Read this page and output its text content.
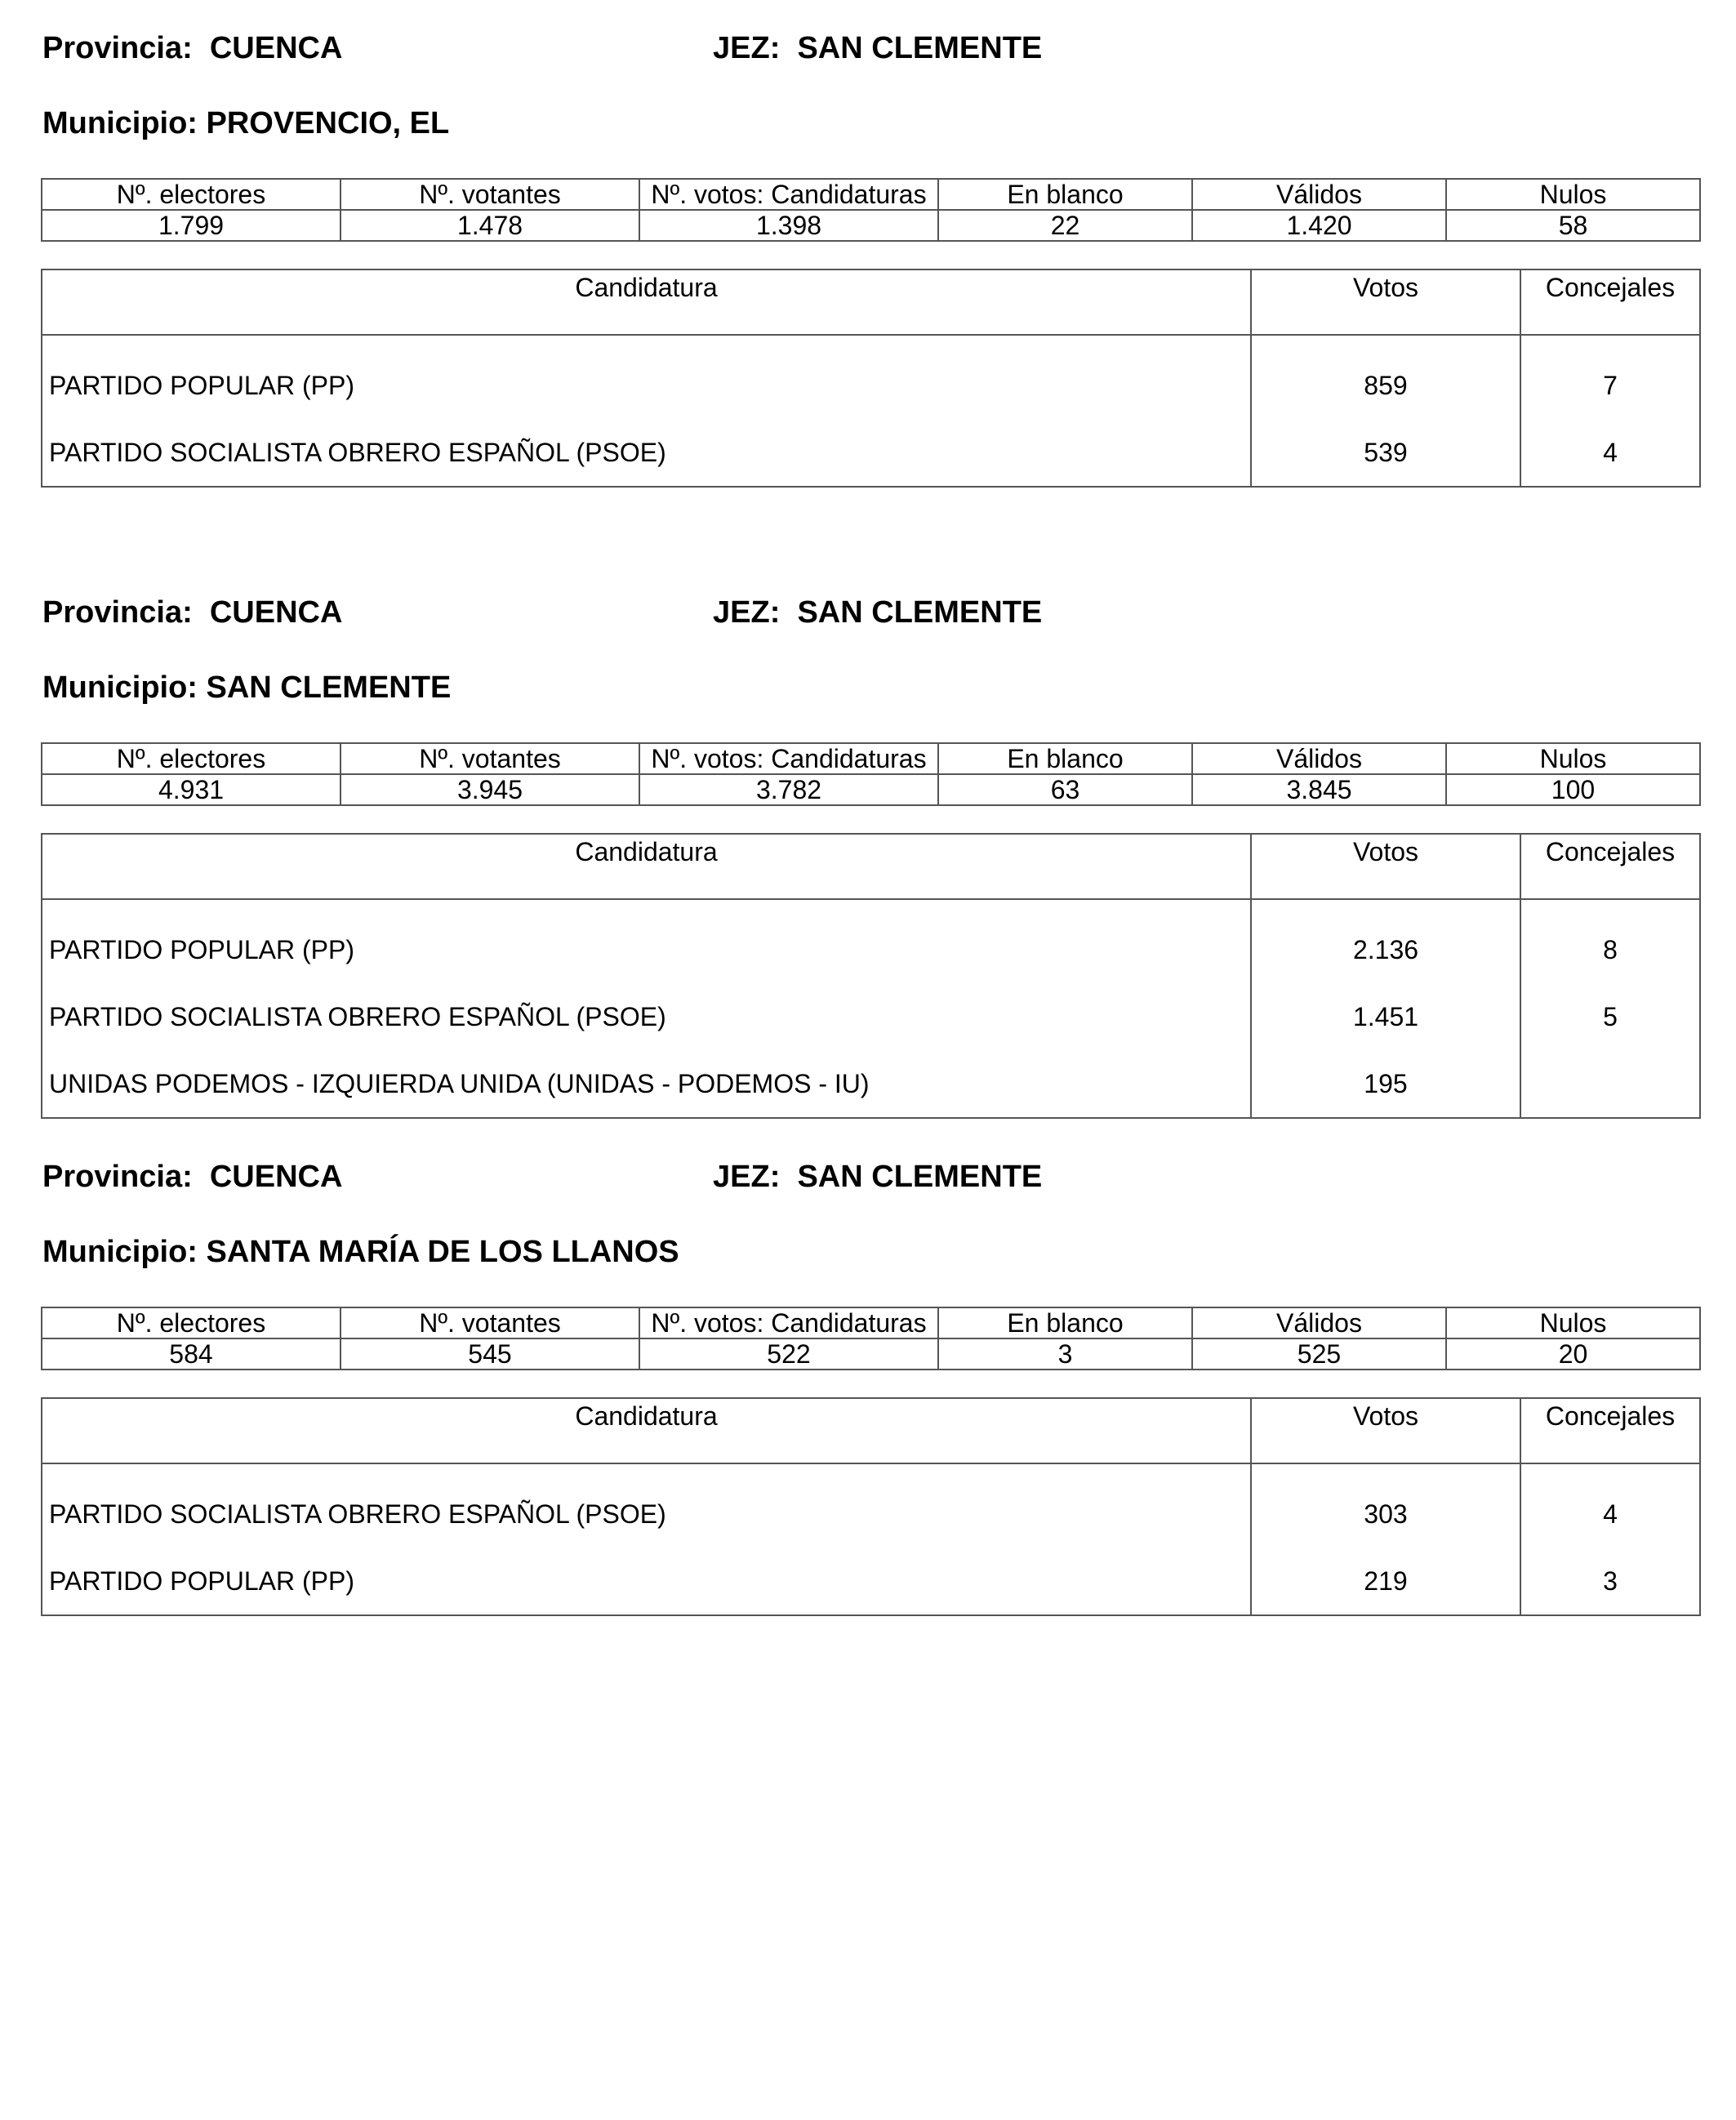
Provincia:  CUENCA	JEZ:  SAN CLEMENTE
Municipio: PROVENCIO, EL
Nº. electores	Nº. votantes	Nº. votos: Candidaturas	En blanco	Válidos	Nulos
1.799	1.478	1.398	22	1.420	58
Candidatura	Votos	Concejales
PARTIDO POPULAR (PP)	859	7
PARTIDO SOCIALISTA OBRERO ESPAÑOL (PSOE)	539	4
Provincia:  CUENCA	JEZ:  SAN CLEMENTE
Municipio: SAN CLEMENTE
Nº. electores	Nº. votantes	Nº. votos: Candidaturas	En blanco	Válidos	Nulos
4.931	3.945	3.782	63	3.845	100
Candidatura	Votos	Concejales
PARTIDO POPULAR (PP)	2.136	8
PARTIDO SOCIALISTA OBRERO ESPAÑOL (PSOE)	1.451	5
UNIDAS PODEMOS - IZQUIERDA UNIDA (UNIDAS - PODEMOS - IU)	195	
Provincia:  CUENCA	JEZ:  SAN CLEMENTE
Municipio: SANTA MARÍA DE LOS LLANOS
Nº. electores	Nº. votantes	Nº. votos: Candidaturas	En blanco	Válidos	Nulos
584	545	522	3	525	20
Candidatura	Votos	Concejales
PARTIDO SOCIALISTA OBRERO ESPAÑOL (PSOE)	303	4
PARTIDO POPULAR (PP)	219	3
